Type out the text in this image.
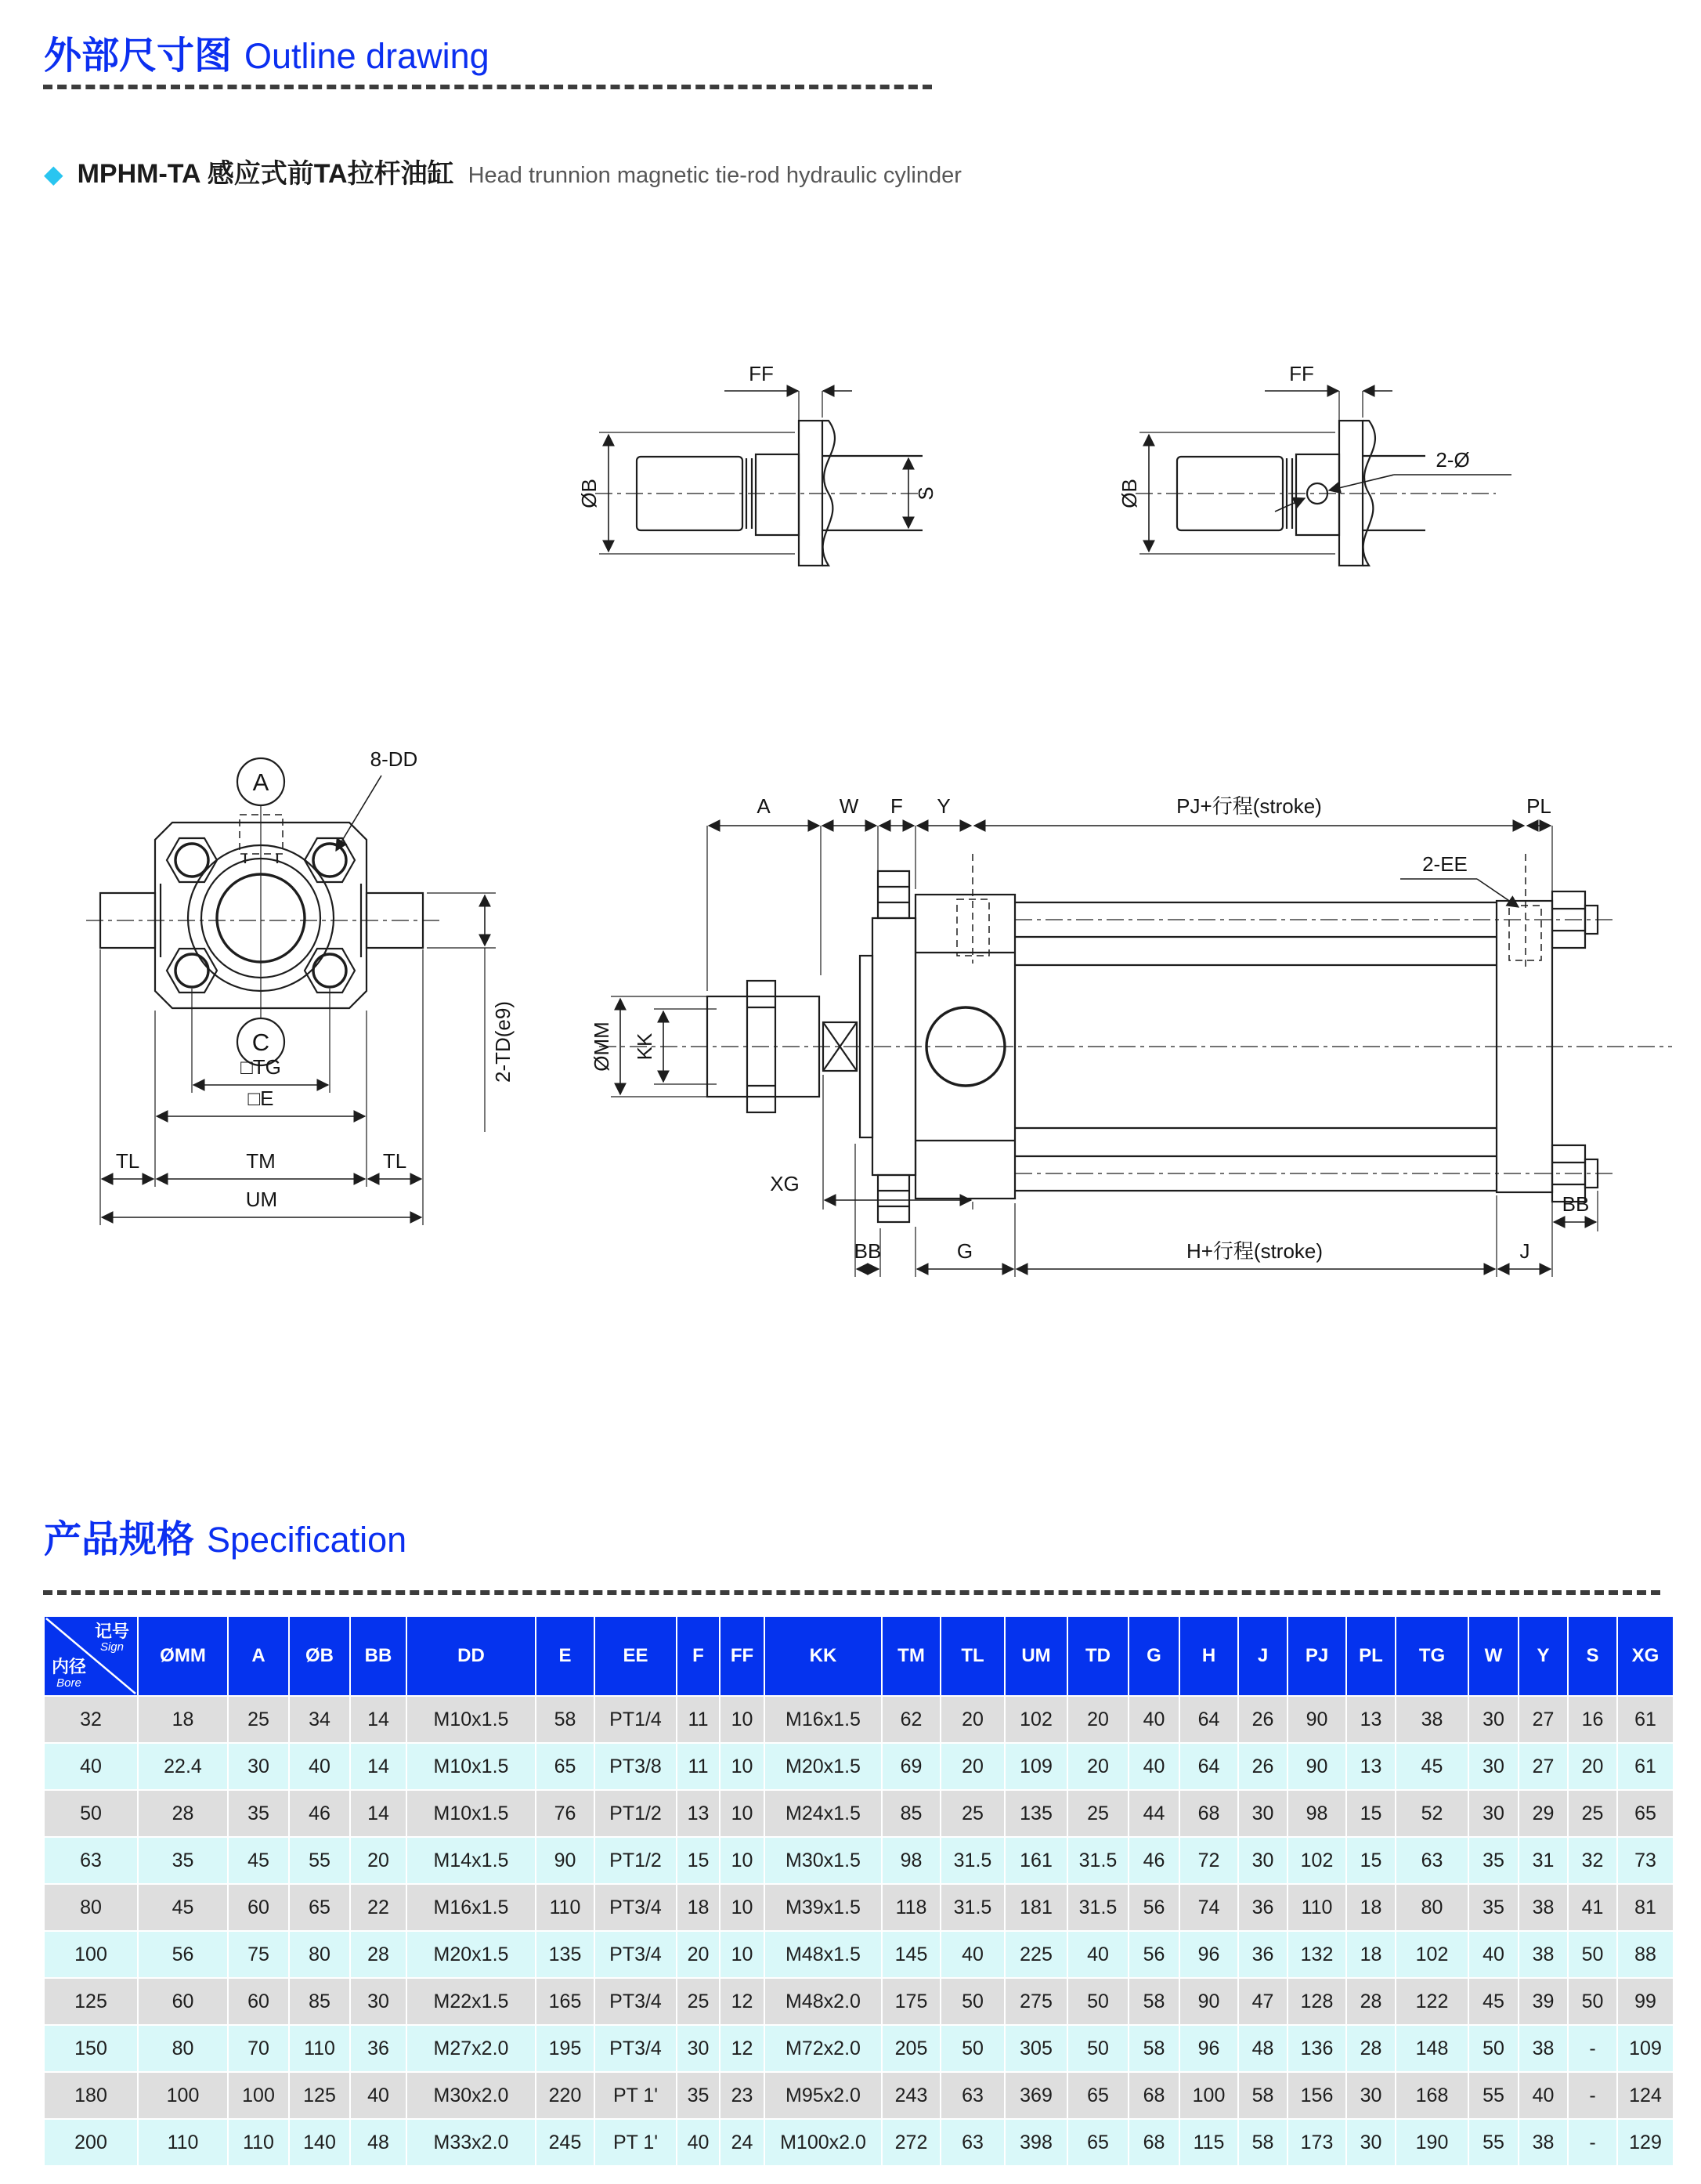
外部尺寸图 Outline drawing
◆ MPHM-TA 感应式前TA拉杆油缸 Head trunnion magnetic tie-rod hydraulic cylinder
ØB	S
FF
ØB
FF
2-Ø
A
C
8-DD
□TG
□E
TL	TM	TL
UM
2-TD(e9)
A	W F Y	PJ+行程(stroke)	PL
2-EE
ØMM KK
XG
BB	G	H+行程(stroke)	J
BB
产品规格 Specification
记号
Sign
内径
Bore	ØMM	A	ØB	BB	DD	E	EE	F	FF	KK	TM	TL	UM	TD	G	H	J	PJ	PL	TG	W	Y	S	XG
32	18	25	34	14	M10x1.5	58	PT1/4	11	10	M16x1.5	62	20	102	20	40	64	26	90	13	38	30	27	16	61
40	22.4	30	40	14	M10x1.5	65	PT3/8	11	10	M20x1.5	69	20	109	20	40	64	26	90	13	45	30	27	20	61
50	28	35	46	14	M10x1.5	76	PT1/2	13	10	M24x1.5	85	25	135	25	44	68	30	98	15	52	30	29	25	65
63	35	45	55	20	M14x1.5	90	PT1/2	15	10	M30x1.5	98	31.5	161	31.5	46	72	30	102	15	63	35	31	32	73
80	45	60	65	22	M16x1.5	110	PT3/4	18	10	M39x1.5	118	31.5	181	31.5	56	74	36	110	18	80	35	38	41	81
100	56	75	80	28	M20x1.5	135	PT3/4	20	10	M48x1.5	145	40	225	40	56	96	36	132	18	102	40	38	50	88
125	60	60	85	30	M22x1.5	165	PT3/4	25	12	M48x2.0	175	50	275	50	58	90	47	128	28	122	45	39	50	99
150	80	70	110	36	M27x2.0	195	PT3/4	30	12	M72x2.0	205	50	305	50	58	96	48	136	28	148	50	38	-	109
180	100	100	125	40	M30x2.0	220	PT 1'	35	23	M95x2.0	243	63	369	65	68	100	58	156	30	168	55	40	-	124
200	110	110	140	48	M33x2.0	245	PT 1'	40	24	M100x2.0	272	63	398	65	68	115	58	173	30	190	55	38	-	129
